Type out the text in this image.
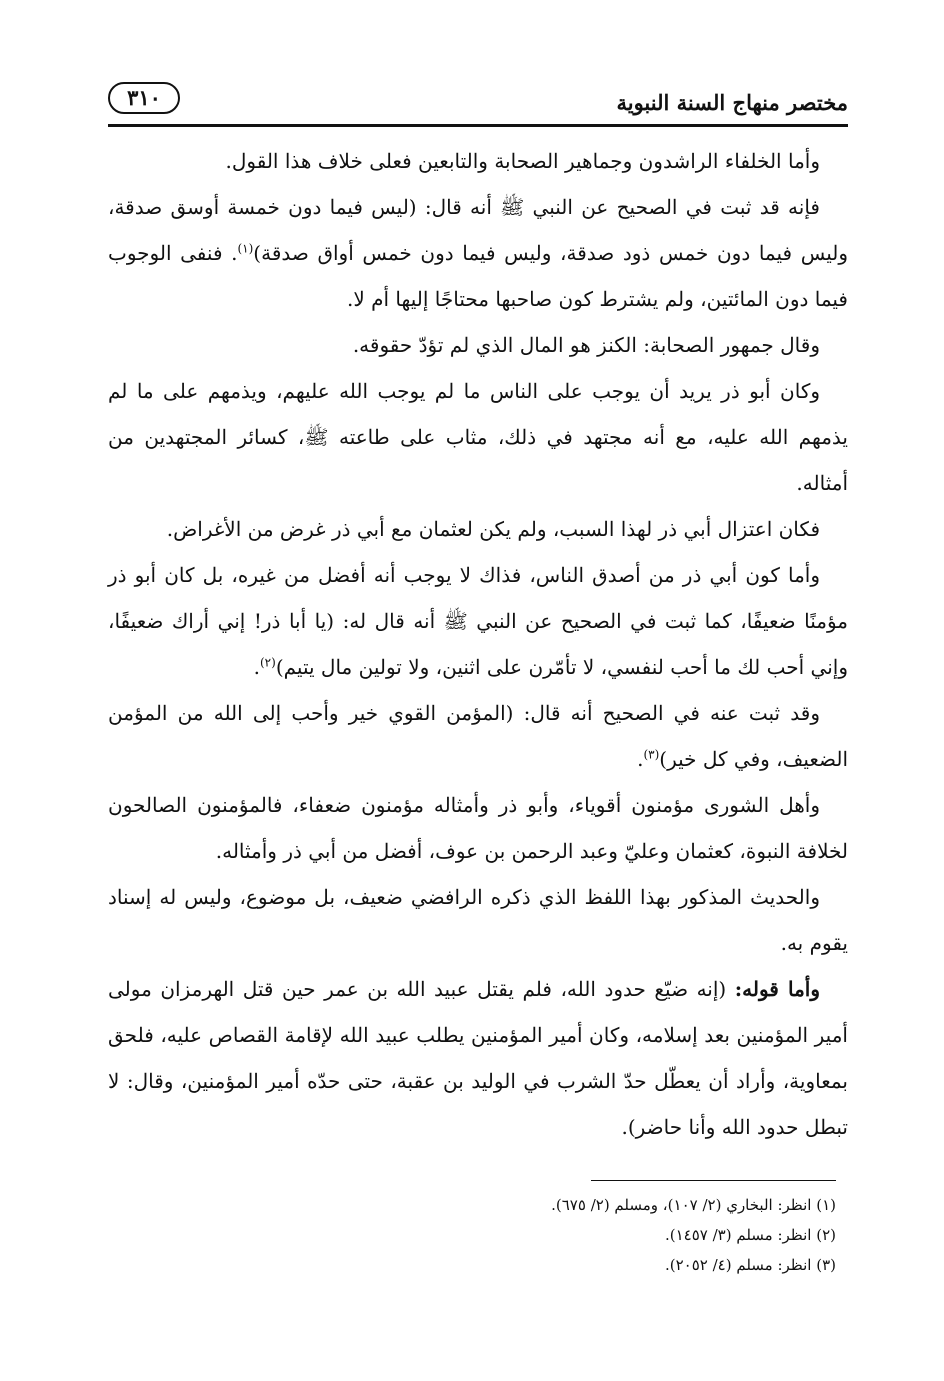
مختصر منهاج السنة النبوية
٣١٠

وأما الخلفاء الراشدون وجماهير الصحابة والتابعين فعلى خلاف هذا القول.

فإنه قد ثبت في الصحيح عن النبي ﷺ أنه قال: (ليس فيما دون خمسة أوسق صدقة، وليس فيما دون خمس ذود صدقة، وليس فيما دون خمس أواق صدقة)$^{(١)}$. فنفى الوجوب فيما دون المائتين، ولم يشترط كون صاحبها محتاجًا إليها أم لا.

وقال جمهور الصحابة: الكنز هو المال الذي لم تؤدّ حقوقه.

وكان أبو ذر يريد أن يوجب على الناس ما لم يوجب الله عليهم، ويذمهم على ما لم يذمهم الله عليه، مع أنه مجتهد في ذلك، مثاب على طاعته ﷺ، كسائر المجتهدين من أمثاله.

فكان اعتزال أبي ذر لهذا السبب، ولم يكن لعثمان مع أبي ذر غرض من الأغراض.

وأما كون أبي ذر من أصدق الناس، فذاك لا يوجب أنه أفضل من غيره، بل كان أبو ذر مؤمنًا ضعيفًا، كما ثبت في الصحيح عن النبي ﷺ أنه قال له: (يا أبا ذر! إني أراك ضعيفًا، وإني أحب لك ما أحب لنفسي، لا تأمّرن على اثنين، ولا تولين مال يتيم)$^{(٢)}$.

وقد ثبت عنه في الصحيح أنه قال: (المؤمن القوي خير وأحب إلى الله من المؤمن الضعيف، وفي كل خير)$^{(٣)}$.

وأهل الشورى مؤمنون أقوياء، وأبو ذر وأمثاله مؤمنون ضعفاء، فالمؤمنون الصالحون لخلافة النبوة، كعثمان وعليّ وعبد الرحمن بن عوف، أفضل من أبي ذر وأمثاله.

والحديث المذكور بهذا اللفظ الذي ذكره الرافضي ضعيف، بل موضوع، وليس له إسناد يقوم به.

وأما قوله: (إنه ضيّع حدود الله، فلم يقتل عبيد الله بن عمر حين قتل الهرمزان مولى أمير المؤمنين بعد إسلامه، وكان أمير المؤمنين يطلب عبيد الله لإقامة القصاص عليه، فلحق بمعاوية، وأراد أن يعطّل حدّ الشرب في الوليد بن عقبة، حتى حدّه أمير المؤمنين، وقال: لا تبطل حدود الله وأنا حاضر).

(١) انظر: البخاري (٢/ ١٠٧)، ومسلم (٢/ ٦٧٥).

(٢) انظر: مسلم (٣/ ١٤٥٧).

(٣) انظر: مسلم (٤/ ٢٠٥٢).
